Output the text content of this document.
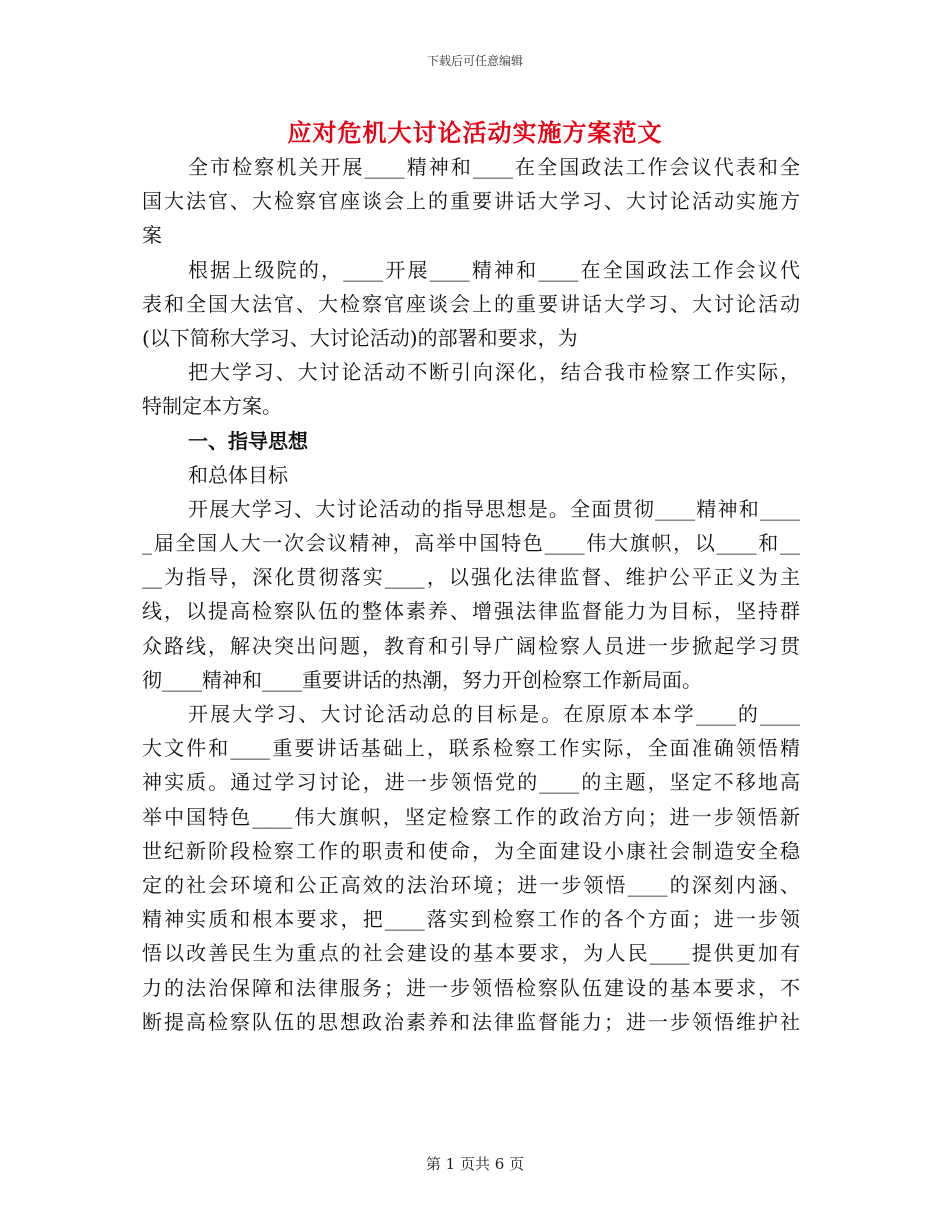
下载后可任意编辑
应对危机大讨论活动实施方案范文
全市检察机关开展____精神和____在全国政法工作会议代表和全
国大法官、大检察官座谈会上的重要讲话大学习、大讨论活动实施方
案
根据上级院的，____开展____精神和____在全国政法工作会议代
表和全国大法官、大检察官座谈会上的重要讲话大学习、大讨论活动
(以下简称大学习、大讨论活动)的部署和要求，为
把大学习、大讨论活动不断引向深化，结合我市检察工作实际，
特制定本方案。
一、指导思想
和总体目标
开展大学习、大讨论活动的指导思想是。全面贯彻____精神和____
_届全国人大一次会议精神，高举中国特色____伟大旗帜，以____和__
__为指导，深化贯彻落实____，以强化法律监督、维护公平正义为主
线，以提高检察队伍的整体素养、增强法律监督能力为目标，坚持群
众路线，解决突出问题，教育和引导广阔检察人员进一步掀起学习贯
彻____精神和____重要讲话的热潮，努力开创检察工作新局面。
开展大学习、大讨论活动总的目标是。在原原本本学____的____
大文件和____重要讲话基础上，联系检察工作实际，全面准确领悟精
神实质。通过学习讨论，进一步领悟党的____的主题，坚定不移地高
举中国特色____伟大旗帜，坚定检察工作的政治方向；进一步领悟新
世纪新阶段检察工作的职责和使命，为全面建设小康社会制造安全稳
定的社会环境和公正高效的法治环境；进一步领悟____的深刻内涵、
精神实质和根本要求，把____落实到检察工作的各个方面；进一步领
悟以改善民生为重点的社会建设的基本要求，为人民____提供更加有
力的法治保障和法律服务；进一步领悟检察队伍建设的基本要求，不
断提高检察队伍的思想政治素养和法律监督能力；进一步领悟维护社
第 1 页共 6 页
